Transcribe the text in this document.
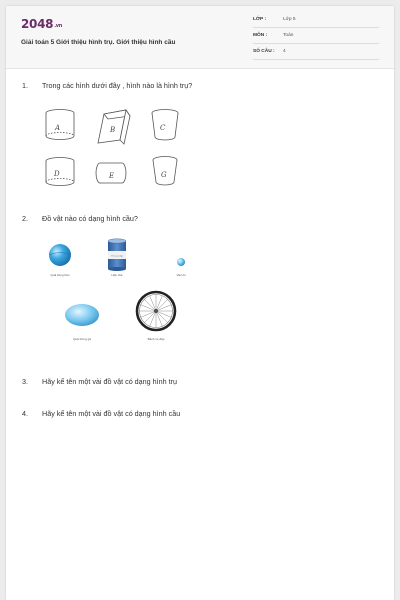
2048.vn
Giải toán 5 Giới thiệu hình trụ. Giới thiệu hình cầu
LỚP :	Lớp 5
MÔN :	Toán
SỐ CÂU : 4
1. Trong các hình dưới đây , hình nào là hình trụ?
2. Đồ vật nào có dạng hình cầu?
3. Hãy kể tên một vài đồ vật có dạng hình trụ
4. Hãy kể tên một vài đồ vật có dạng hình cầu
A	B	C
D	E	G
Quả bóng bàn
Trà cao cấp
Hộp chè	Viên bi
Quả trứng gà	Bánh xe đạp
